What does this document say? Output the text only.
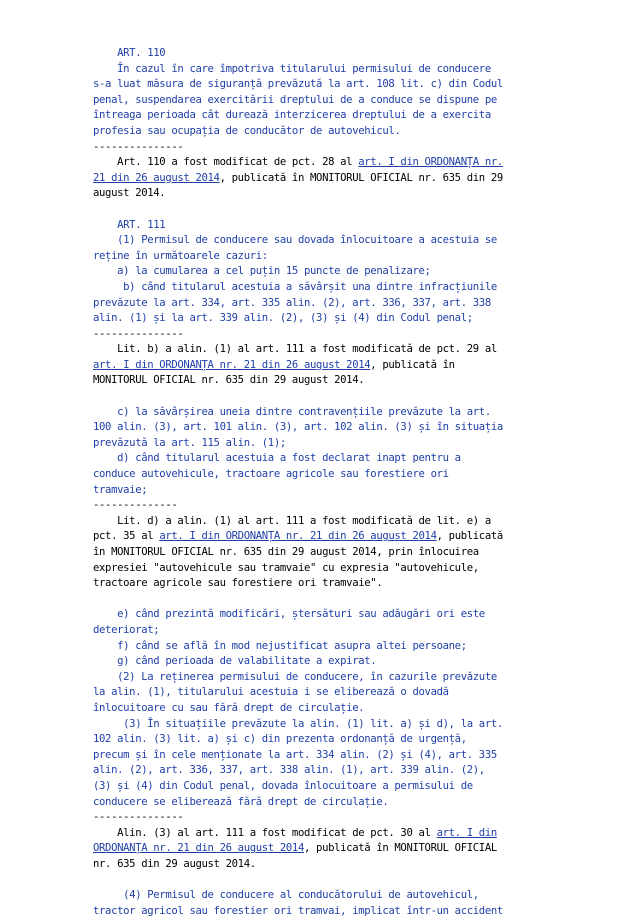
ART. 110
În cazul în care împotriva titularului permisului de conducere
s-a luat măsura de siguranță prevăzută la art. 108 lit. c) din Codul
penal, suspendarea exercitării dreptului de a conduce se dispune pe
întreaga perioada cât durează interzicerea dreptului de a exercita
profesia sau ocupația de conducător de autovehicul.
---------------
Art. 110 a fost modificat de pct. 28 al art. I din ORDONANȚA nr.
21 din 26 august 2014, publicată în MONITORUL OFICIAL nr. 635 din 29
august 2014.
ART. 111
(1) Permisul de conducere sau dovada înlocuitoare a acestuia se
reține în următoarele cazuri:
a) la cumularea a cel puțin 15 puncte de penalizare;
b) când titularul acestuia a săvârșit una dintre infracțiunile
prevăzute la art. 334, art. 335 alin. (2), art. 336, 337, art. 338
alin. (1) și la art. 339 alin. (2), (3) și (4) din Codul penal;
---------------
Lit. b) a alin. (1) al art. 111 a fost modificată de pct. 29 al
art. I din ORDONANȚA nr. 21 din 26 august 2014, publicată în
MONITORUL OFICIAL nr. 635 din 29 august 2014.
c) la săvârșirea uneia dintre contravențiile prevăzute la art.
100 alin. (3), art. 101 alin. (3), art. 102 alin. (3) și în situația
prevăzută la art. 115 alin. (1);
d) când titularul acestuia a fost declarat inapt pentru a
conduce autovehicule, tractoare agricole sau forestiere ori
tramvaie;
--------------
Lit. d) a alin. (1) al art. 111 a fost modificată de lit. e) a
pct. 35 al art. I din ORDONANȚA nr. 21 din 26 august 2014, publicată
în MONITORUL OFICIAL nr. 635 din 29 august 2014, prin înlocuirea
expresiei "autovehicule sau tramvaie" cu expresia "autovehicule,
tractoare agricole sau forestiere ori tramvaie".
e) când prezintă modificări, ștersături sau adăugări ori este
deteriorat;
f) când se află în mod nejustificat asupra altei persoane;
g) când perioada de valabilitate a expirat.
(2) La reținerea permisului de conducere, în cazurile prevăzute
la alin. (1), titularului acestuia i se eliberează o dovadă
înlocuitoare cu sau fără drept de circulație.
(3) În situațiile prevăzute la alin. (1) lit. a) și d), la art.
102 alin. (3) lit. a) și c) din prezenta ordonanță de urgență,
precum și în cele menționate la art. 334 alin. (2) și (4), art. 335
alin. (2), art. 336, 337, art. 338 alin. (1), art. 339 alin. (2),
(3) și (4) din Codul penal, dovada înlocuitoare a permisului de
conducere se eliberează fără drept de circulație.
---------------
Alin. (3) al art. 111 a fost modificat de pct. 30 al art. I din
ORDONANȚA nr. 21 din 26 august 2014, publicată în MONITORUL OFICIAL
nr. 635 din 29 august 2014.
(4) Permisul de conducere al conducătorului de autovehicul,
tractor agricol sau forestier ori tramvai, implicat într-un accident
